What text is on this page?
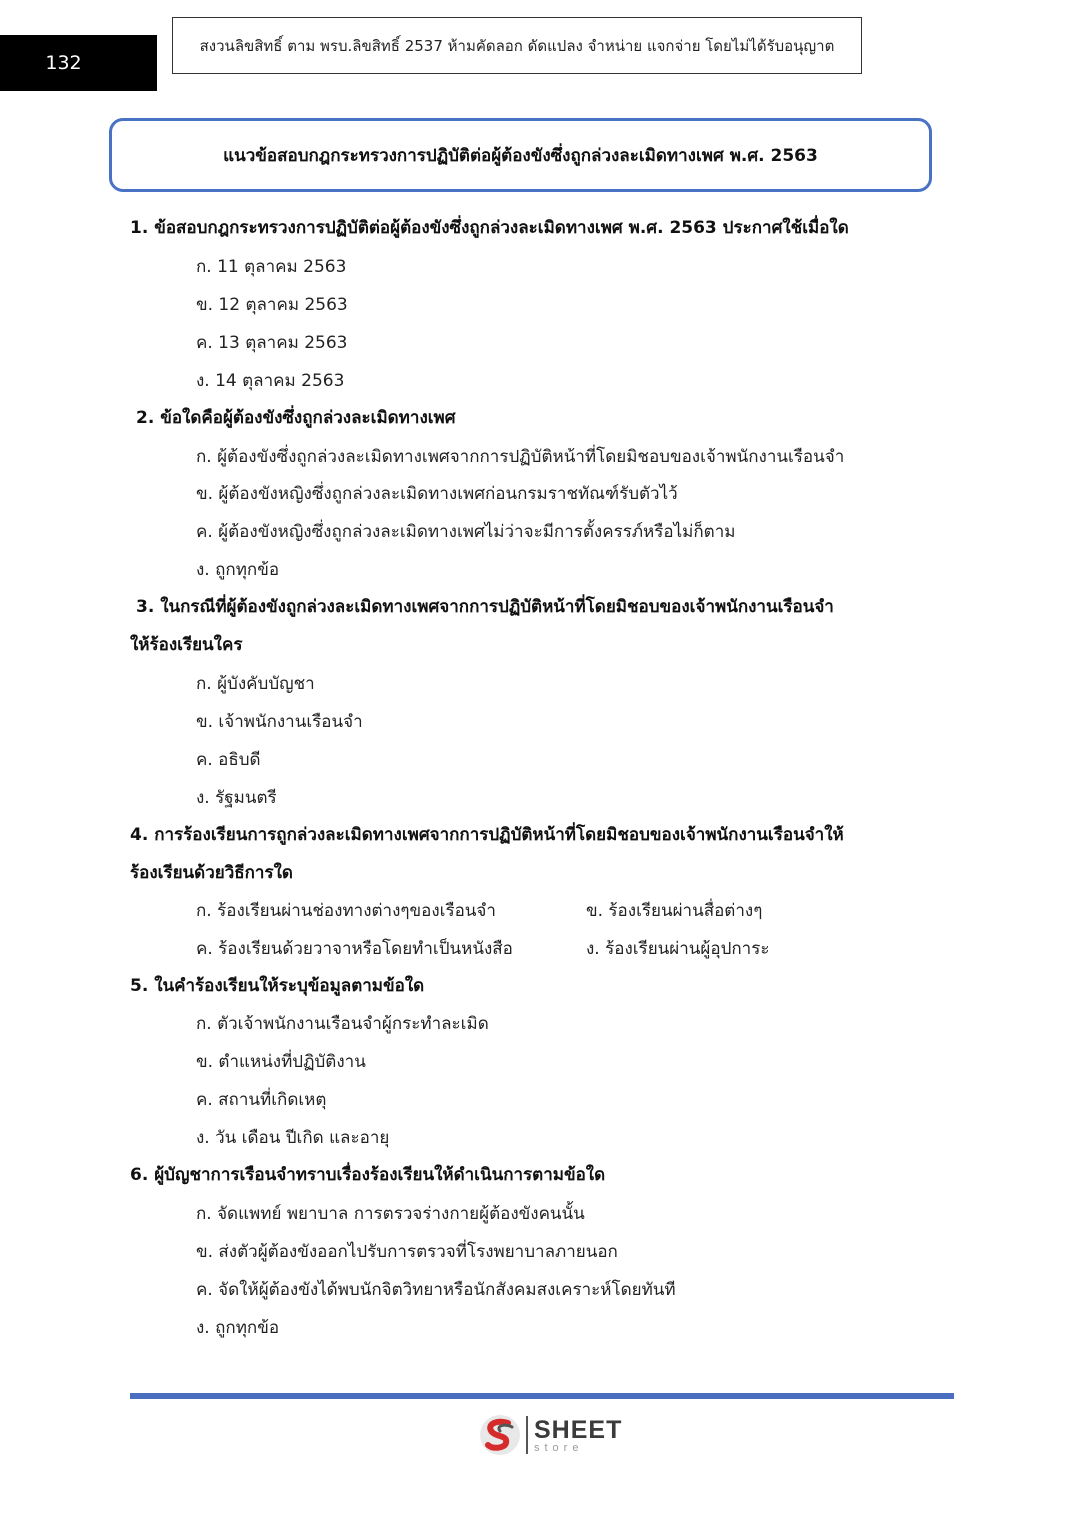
132
สงวนลิขสิทธิ์ ตาม พรบ.ลิขสิทธิ์ 2537 ห้ามคัดลอก ดัดแปลง จำหน่าย แจกจ่าย โดยไม่ได้รับอนุญาต
แนวข้อสอบกฎกระทรวงการปฏิบัติต่อผู้ต้องขังซึ่งถูกล่วงละเมิดทางเพศ พ.ศ. 2563
1. ข้อสอบกฎกระทรวงการปฏิบัติต่อผู้ต้องขังซึ่งถูกล่วงละเมิดทางเพศ พ.ศ. 2563 ประกาศใช้เมื่อใด
ก. 11 ตุลาคม 2563
ข. 12 ตุลาคม 2563
ค. 13 ตุลาคม 2563
ง. 14 ตุลาคม 2563
2. ข้อใดคือผู้ต้องขังซึ่งถูกล่วงละเมิดทางเพศ
ก. ผู้ต้องขังซึ่งถูกล่วงละเมิดทางเพศจากการปฏิบัติหน้าที่โดยมิชอบของเจ้าพนักงานเรือนจำ
ข. ผู้ต้องขังหญิงซึ่งถูกล่วงละเมิดทางเพศก่อนกรมราชทัณฑ์รับตัวไว้
ค. ผู้ต้องขังหญิงซึ่งถูกล่วงละเมิดทางเพศไม่ว่าจะมีการตั้งครรภ์หรือไม่ก็ตาม
ง. ถูกทุกข้อ
3. ในกรณีที่ผู้ต้องขังถูกล่วงละเมิดทางเพศจากการปฏิบัติหน้าที่โดยมิชอบของเจ้าพนักงานเรือนจำ
ให้ร้องเรียนใคร
ก. ผู้บังคับบัญชา
ข. เจ้าพนักงานเรือนจำ
ค. อธิบดี
ง. รัฐมนตรี
4. การร้องเรียนการถูกล่วงละเมิดทางเพศจากการปฏิบัติหน้าที่โดยมิชอบของเจ้าพนักงานเรือนจำให้
ร้องเรียนด้วยวิธีการใด
ก. ร้องเรียนผ่านช่องทางต่างๆของเรือนจำ	ข. ร้องเรียนผ่านสื่อต่างๆ
ค. ร้องเรียนด้วยวาจาหรือโดยทำเป็นหนังสือ	ง. ร้องเรียนผ่านผู้อุปการะ
5. ในคำร้องเรียนให้ระบุข้อมูลตามข้อใด
ก. ตัวเจ้าพนักงานเรือนจำผู้กระทำละเมิด
ข. ตำแหน่งที่ปฏิบัติงาน
ค. สถานที่เกิดเหตุ
ง. วัน เดือน ปีเกิด และอายุ
6. ผู้บัญชาการเรือนจำทราบเรื่องร้องเรียนให้ดำเนินการตามข้อใด
ก. จัดแพทย์ พยาบาล การตรวจร่างกายผู้ต้องขังคนนั้น
ข. ส่งตัวผู้ต้องขังออกไปรับการตรวจที่โรงพยาบาลภายนอก
ค. จัดให้ผู้ต้องขังได้พบนักจิตวิทยาหรือนักสังคมสงเคราะห์โดยทันที
ง. ถูกทุกข้อ
SHEET
store
